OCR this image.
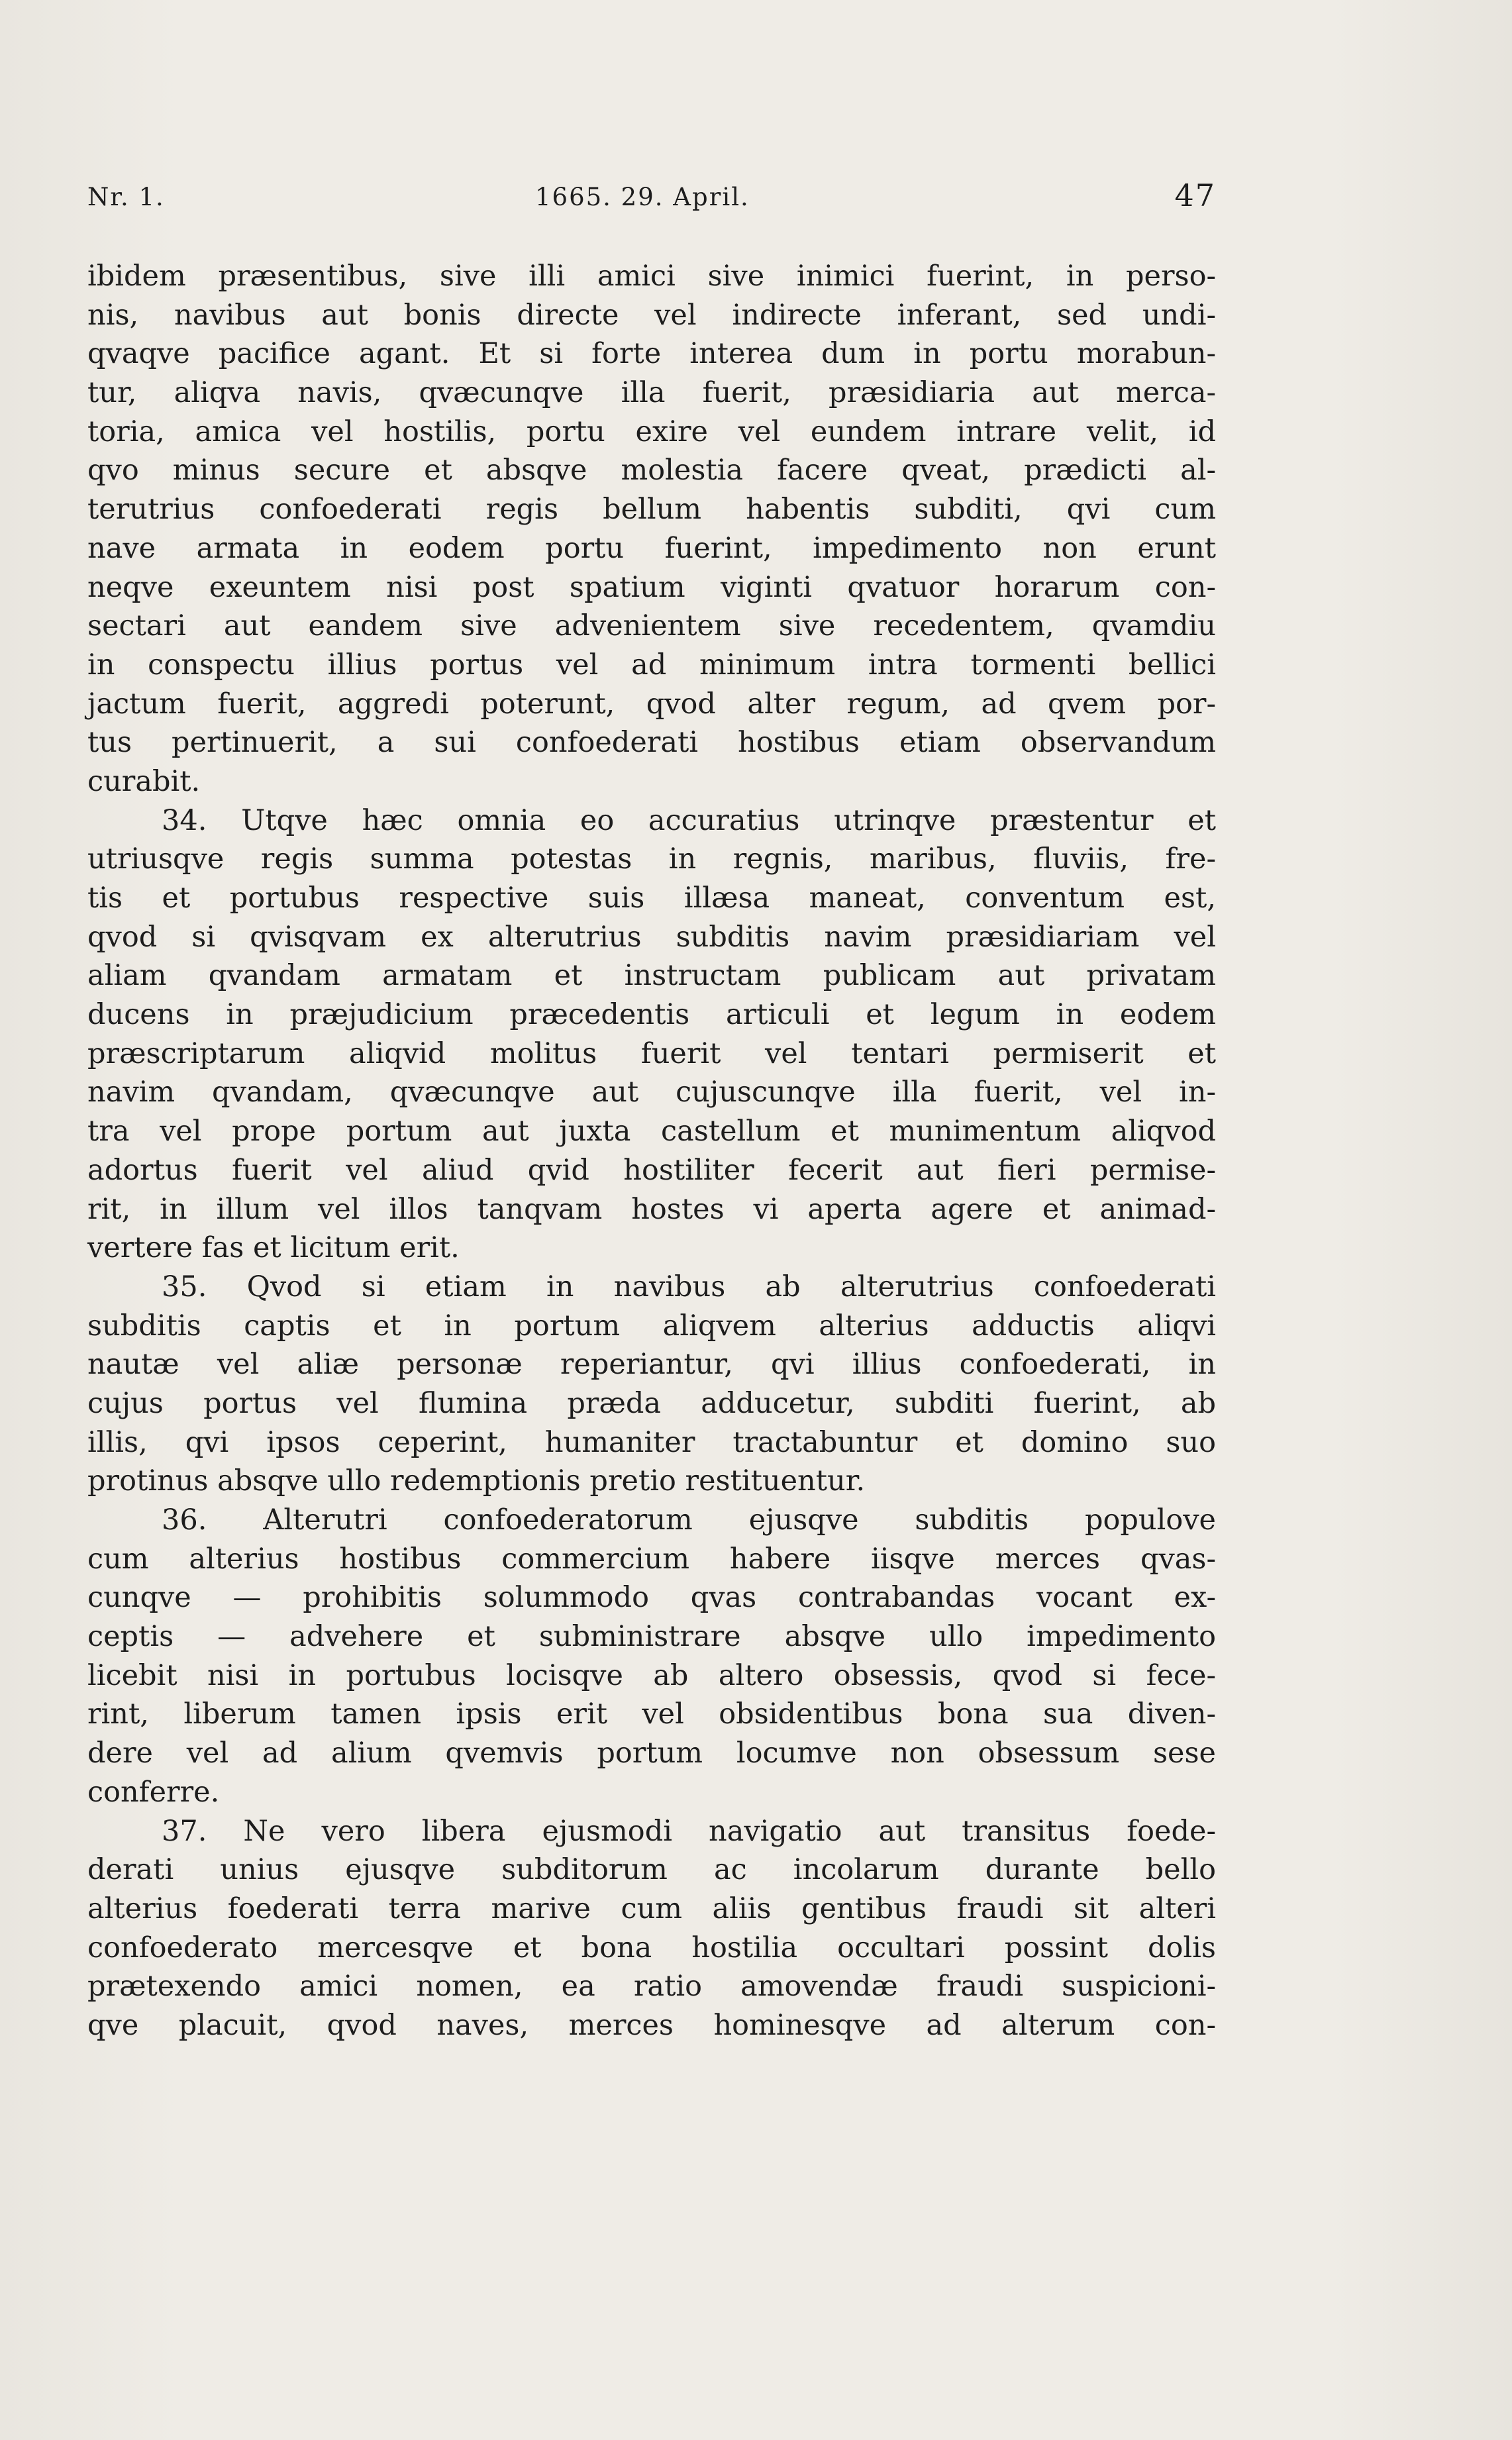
Nr. 1.	1665. 29. April.	47
ibidem præsentibus, sive illi amici sive inimici fuerint, in perso-
nis, navibus aut bonis directe vel indirecte inferant, sed undi-
qvaqve pacifice agant. Et si forte interea dum in portu morabun-
tur, aliqva navis, qvæcunqve illa fuerit, præsidiaria aut merca-
toria, amica vel hostilis, portu exire vel eundem intrare velit, id
qvo minus secure et absqve molestia facere qveat, prædicti al-
terutrius confoederati regis bellum habentis subditi, qvi cum
nave armata in eodem portu fuerint, impedimento non erunt
neqve exeuntem nisi post spatium viginti qvatuor horarum con-
sectari aut eandem sive advenientem sive recedentem, qvamdiu
in conspectu illius portus vel ad minimum intra tormenti bellici
jactum fuerit, aggredi poterunt, qvod alter regum, ad qvem por-
tus pertinuerit, a sui confoederati hostibus etiam observandum
curabit.
34. Utqve hæc omnia eo accuratius utrinqve præstentur et
utriusqve regis summa potestas in regnis, maribus, fluviis, fre-
tis et portubus respective suis illæsa maneat, conventum est,
qvod si qvisqvam ex alterutrius subditis navim præsidiariam vel
aliam qvandam armatam et instructam publicam aut privatam
ducens in præjudicium præcedentis articuli et legum in eodem
præscriptarum aliqvid molitus fuerit vel tentari permiserit et
navim qvandam, qvæcunqve aut cujuscunqve illa fuerit, vel in-
tra vel prope portum aut juxta castellum et munimentum aliqvod
adortus fuerit vel aliud qvid hostiliter fecerit aut fieri permise-
rit, in illum vel illos tanqvam hostes vi aperta agere et animad-
vertere fas et licitum erit.
35. Qvod si etiam in navibus ab alterutrius confoederati
subditis captis et in portum aliqvem alterius adductis aliqvi
nautæ vel aliæ personæ reperiantur, qvi illius confoederati, in
cujus portus vel flumina præda adducetur, subditi fuerint, ab
illis, qvi ipsos ceperint, humaniter tractabuntur et domino suo
protinus absqve ullo redemptionis pretio restituentur.
36. Alterutri confoederatorum ejusqve subditis populove
cum alterius hostibus commercium habere iisqve merces qvas-
cunqve — prohibitis solummodo qvas contrabandas vocant ex-
ceptis — advehere et subministrare absqve ullo impedimento
licebit nisi in portubus locisqve ab altero obsessis, qvod si fece-
rint, liberum tamen ipsis erit vel obsidentibus bona sua diven-
dere vel ad alium qvemvis portum locumve non obsessum sese
conferre.
37. Ne vero libera ejusmodi navigatio aut transitus foede-
derati unius ejusqve subditorum ac incolarum durante bello
alterius foederati terra marive cum aliis gentibus fraudi sit alteri
confoederato mercesqve et bona hostilia occultari possint dolis
prætexendo amici nomen, ea ratio amovendæ fraudi suspicioni-
qve placuit, qvod naves, merces hominesqve ad alterum con-
